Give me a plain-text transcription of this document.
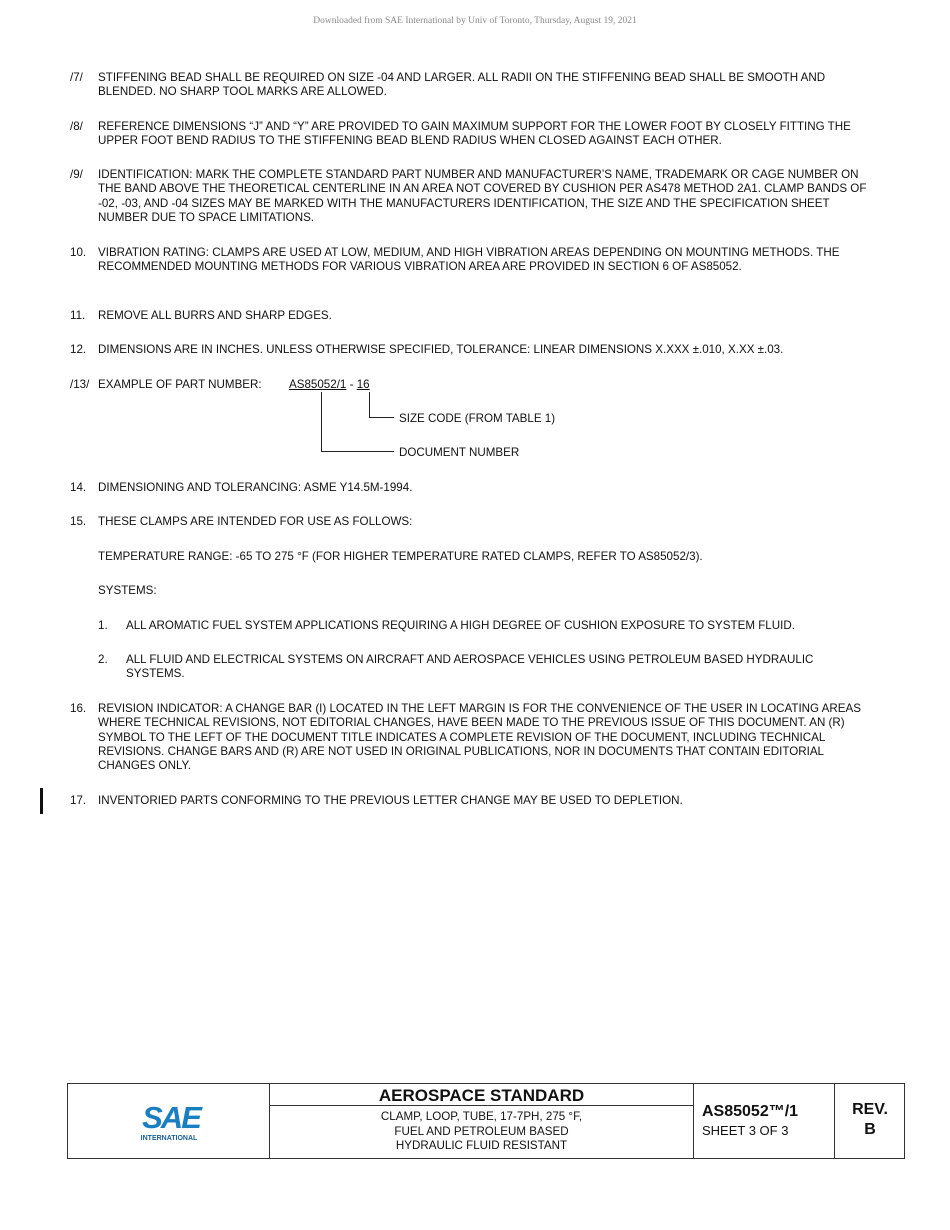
Downloaded from SAE International by Univ of Toronto, Thursday, August 19, 2021
/7/	STIFFENING BEAD SHALL BE REQUIRED ON SIZE -04 AND LARGER. ALL RADII ON THE STIFFENING BEAD SHALL BE SMOOTH AND BLENDED. NO SHARP TOOL MARKS ARE ALLOWED.
/8/	REFERENCE DIMENSIONS “J” AND “Y” ARE PROVIDED TO GAIN MAXIMUM SUPPORT FOR THE LOWER FOOT BY CLOSELY FITTING THE UPPER FOOT BEND RADIUS TO THE STIFFENING BEAD BLEND RADIUS WHEN CLOSED AGAINST EACH OTHER.
/9/	IDENTIFICATION: MARK THE COMPLETE STANDARD PART NUMBER AND MANUFACTURER’S NAME, TRADEMARK OR CAGE NUMBER ON THE BAND ABOVE THE THEORETICAL CENTERLINE IN AN AREA NOT COVERED BY CUSHION PER AS478 METHOD 2A1. CLAMP BANDS OF -02, -03, AND -04 SIZES MAY BE MARKED WITH THE MANUFACTURERS IDENTIFICATION, THE SIZE AND THE SPECIFICATION SHEET NUMBER DUE TO SPACE LIMITATIONS.
10.	VIBRATION RATING: CLAMPS ARE USED AT LOW, MEDIUM, AND HIGH VIBRATION AREAS DEPENDING ON MOUNTING METHODS. THE RECOMMENDED MOUNTING METHODS FOR VARIOUS VIBRATION AREA ARE PROVIDED IN SECTION 6 OF AS85052.
11.	REMOVE ALL BURRS AND SHARP EDGES.
12.	DIMENSIONS ARE IN INCHES. UNLESS OTHERWISE SPECIFIED, TOLERANCE: LINEAR DIMENSIONS X.XXX ±.010, X.XX ±.03.
/13/ EXAMPLE OF PART NUMBER:	AS85052/1 - 16
SIZE CODE (FROM TABLE 1)
DOCUMENT NUMBER
14.	DIMENSIONING AND TOLERANCING: ASME Y14.5M-1994.
15.	THESE CLAMPS ARE INTENDED FOR USE AS FOLLOWS:
TEMPERATURE RANGE: -65 TO 275 °F (FOR HIGHER TEMPERATURE RATED CLAMPS, REFER TO AS85052/3).
SYSTEMS:
1. ALL AROMATIC FUEL SYSTEM APPLICATIONS REQUIRING A HIGH DEGREE OF CUSHION EXPOSURE TO SYSTEM FLUID.
2. ALL FLUID AND ELECTRICAL SYSTEMS ON AIRCRAFT AND AEROSPACE VEHICLES USING PETROLEUM BASED HYDRAULIC SYSTEMS.
16.	REVISION INDICATOR: A CHANGE BAR (I) LOCATED IN THE LEFT MARGIN IS FOR THE CONVENIENCE OF THE USER IN LOCATING AREAS WHERE TECHNICAL REVISIONS, NOT EDITORIAL CHANGES, HAVE BEEN MADE TO THE PREVIOUS ISSUE OF THIS DOCUMENT. AN (R) SYMBOL TO THE LEFT OF THE DOCUMENT TITLE INDICATES A COMPLETE REVISION OF THE DOCUMENT, INCLUDING TECHNICAL REVISIONS. CHANGE BARS AND (R) ARE NOT USED IN ORIGINAL PUBLICATIONS, NOR IN DOCUMENTS THAT CONTAIN EDITORIAL CHANGES ONLY.
17.	INVENTORIED PARTS CONFORMING TO THE PREVIOUS LETTER CHANGE MAY BE USED TO DEPLETION.
SAE
INTERNATIONAL
AEROSPACE STANDARD
CLAMP, LOOP, TUBE, 17-7PH, 275 °F,
FUEL AND PETROLEUM BASED
HYDRAULIC FLUID RESISTANT
AS85052™/1
SHEET 3 OF 3
REV.
B
